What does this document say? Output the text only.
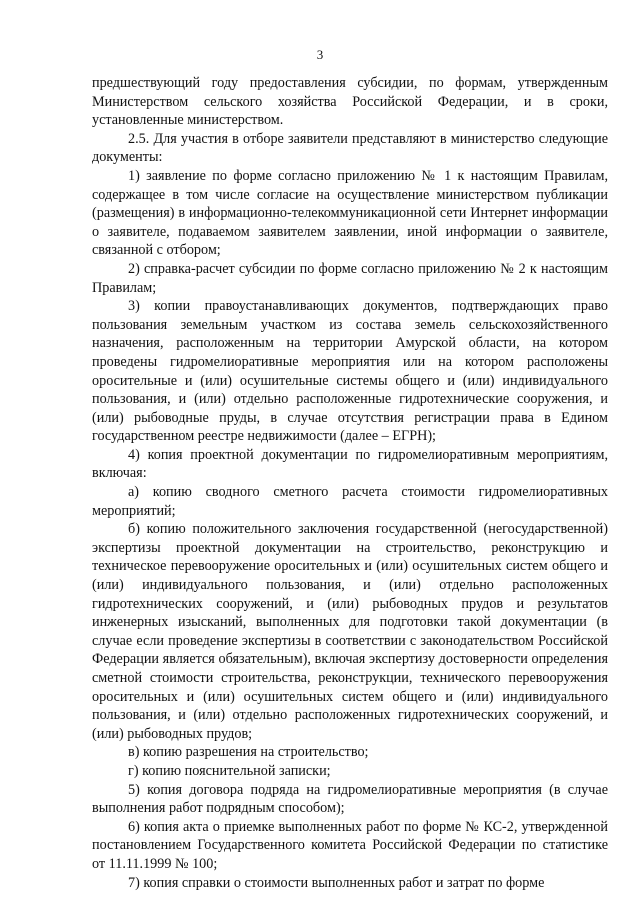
3

предшествующий году предоставления субсидии, по формам, утвержденным Министерством сельского хозяйства Российской Федерации, и в сроки, установленные министерством.

2.5. Для участия в отборе заявители представляют в министерство следующие документы:

1) заявление по форме согласно приложению № 1 к настоящим Правилам, содержащее в том числе согласие на осуществление министерством публикации (размещения) в информационно-телекоммуникационной сети Интернет информации о заявителе, подаваемом заявителем заявлении, иной информации о заявителе, связанной с отбором;

2) справка-расчет субсидии по форме согласно приложению № 2 к настоящим Правилам;

3) копии правоустанавливающих документов, подтверждающих право пользования земельным участком из состава земель сельскохозяйственного назначения, расположенным на территории Амурской области, на котором проведены гидромелиоративные мероприятия или на котором расположены оросительные и (или) осушительные системы общего и (или) индивидуального пользования, и (или) отдельно расположенные гидротехнические сооружения, и (или) рыбоводные пруды, в случае отсутствия регистрации права в Едином государственном реестре недвижимости (далее – ЕГРН);

4) копия проектной документации по гидромелиоративным мероприятиям, включая:

а) копию сводного сметного расчета стоимости гидромелиоративных мероприятий;

б) копию положительного заключения государственной (негосударственной) экспертизы проектной документации на строительство, реконструкцию и техническое перевооружение оросительных и (или) осушительных систем общего и (или) индивидуального пользования, и (или) отдельно расположенных гидротехнических сооружений, и (или) рыбоводных прудов и результатов инженерных изысканий, выполненных для подготовки такой документации (в случае если проведение экспертизы в соответствии с законодательством Российской Федерации является обязательным), включая экспертизу достоверности определения сметной стоимости строительства, реконструкции, технического перевооружения оросительных и (или) осушительных систем общего и (или) индивидуального пользования, и (или) отдельно расположенных гидротехнических сооружений, и (или) рыбоводных прудов;

в) копию разрешения на строительство;

г) копию пояснительной записки;

5) копия договора подряда на гидромелиоративные мероприятия (в случае выполнения работ подрядным способом);

6) копия акта о приемке выполненных работ по форме № КС-2, утвержденной постановлением Государственного комитета Российской Федерации по статистике от 11.11.1999 № 100;

7) копия справки о стоимости выполненных работ и затрат по форме
